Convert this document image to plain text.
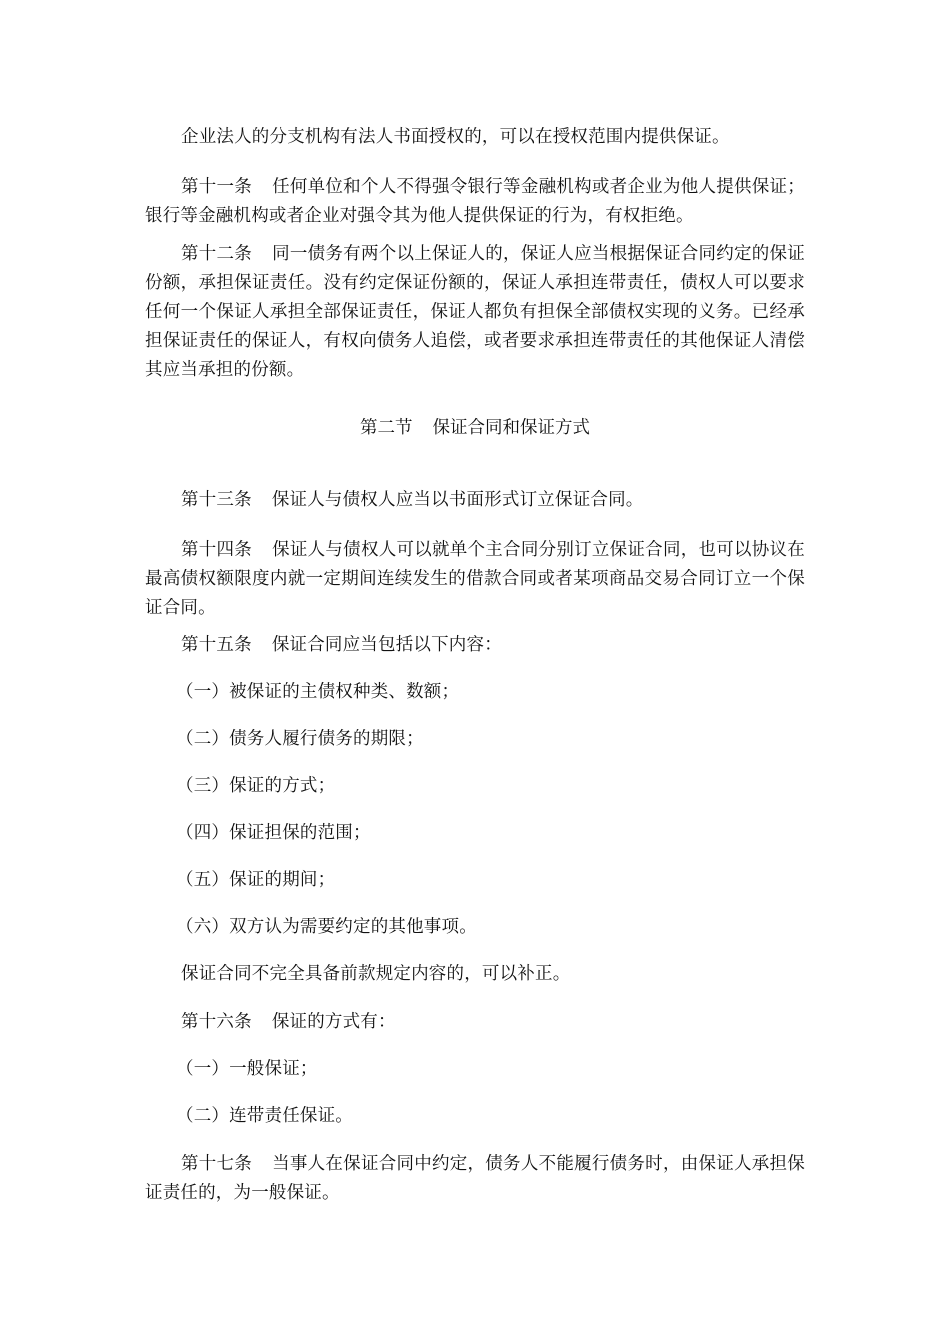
企业法人的分支机构有法人书面授权的，可以在授权范围内提供保证。

第十一条 任何单位和个人不得强令银行等金融机构或者企业为他人提供保证；银行等金融机构或者企业对强令其为他人提供保证的行为，有权拒绝。

第十二条 同一债务有两个以上保证人的，保证人应当根据保证合同约定的保证份额，承担保证责任。没有约定保证份额的，保证人承担连带责任，债权人可以要求任何一个保证人承担全部保证责任，保证人都负有担保全部债权实现的义务。已经承担保证责任的保证人，有权向债务人追偿，或者要求承担连带责任的其他保证人清偿其应当承担的份额。

第二节 保证合同和保证方式

第十三条 保证人与债权人应当以书面形式订立保证合同。

第十四条 保证人与债权人可以就单个主合同分别订立保证合同，也可以协议在最高债权额限度内就一定期间连续发生的借款合同或者某项商品交易合同订立一个保证合同。

第十五条 保证合同应当包括以下内容：

（一）被保证的主债权种类、数额；

（二）债务人履行债务的期限；

（三）保证的方式；

（四）保证担保的范围；

（五）保证的期间；

（六）双方认为需要约定的其他事项。

保证合同不完全具备前款规定内容的，可以补正。

第十六条 保证的方式有：

（一）一般保证；

（二）连带责任保证。

第十七条 当事人在保证合同中约定，债务人不能履行债务时，由保证人承担保证责任的，为一般保证。
